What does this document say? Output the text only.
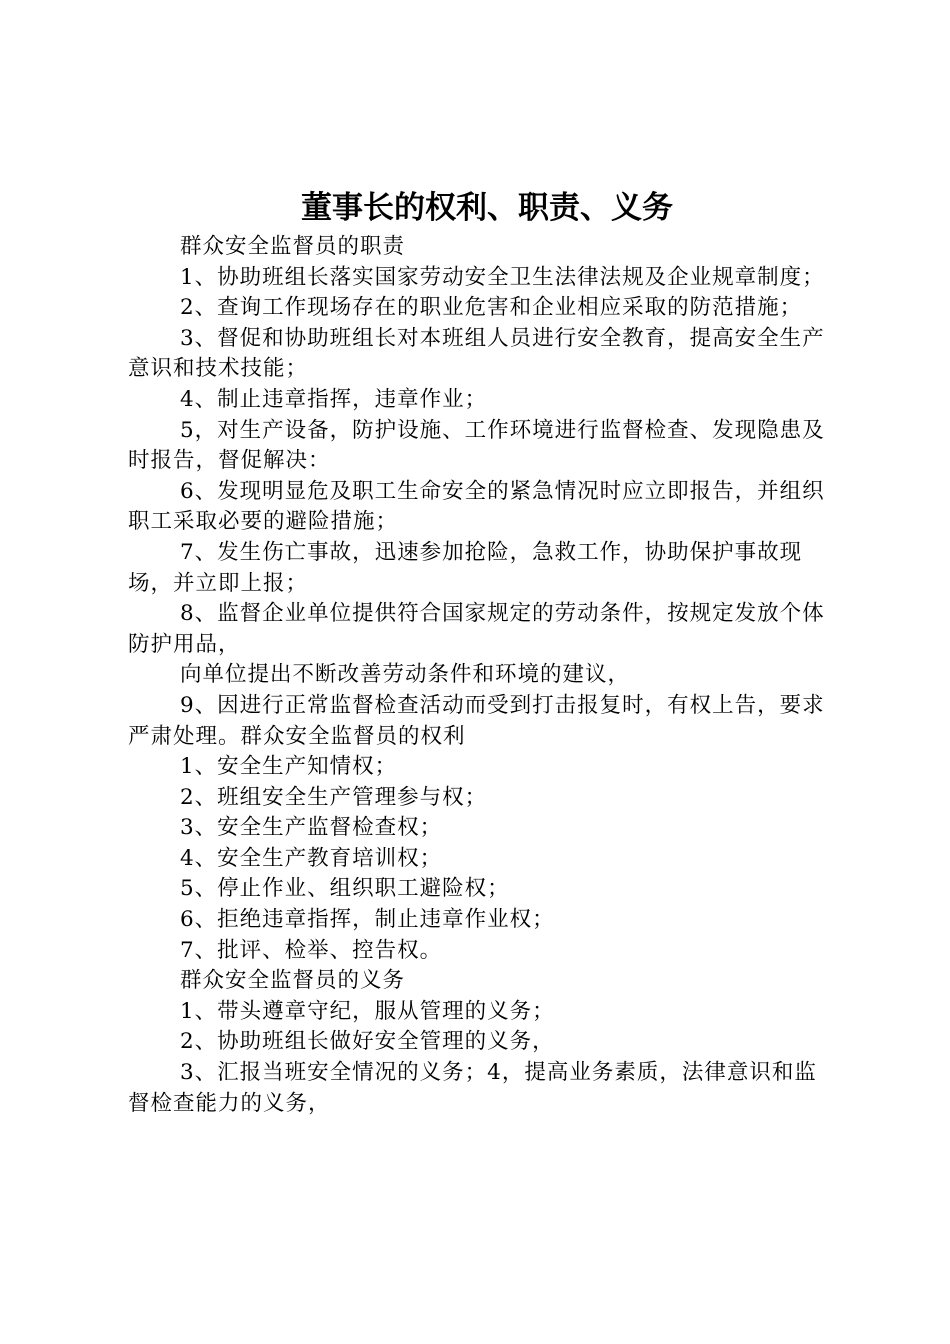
董事长的权利、职责、义务

群众安全监督员的职责

1、协助班组长落实国家劳动安全卫生法律法规及企业规章制度；

2、查询工作现场存在的职业危害和企业相应采取的防范措施；

3、督促和协助班组长对本班组人员进行安全教育，提高安全生产意识和技术技能；

4、制止违章指挥，违章作业；

5，对生产设备，防护设施、工作环境进行监督检查、发现隐患及时报告，督促解决：

6、发现明显危及职工生命安全的紧急情况时应立即报告，并组织职工采取必要的避险措施；

7、发生伤亡事故，迅速参加抢险，急救工作，协助保护事故现场，并立即上报；

8、监督企业单位提供符合国家规定的劳动条件，按规定发放个体防护用品，

向单位提出不断改善劳动条件和环境的建议，

9、因进行正常监督检查活动而受到打击报复时，有权上告，要求严肃处理。群众安全监督员的权利

1、安全生产知情权；

2、班组安全生产管理参与权；

3、安全生产监督检查权；

4、安全生产教育培训权；

5、停止作业、组织职工避险权；

6、拒绝违章指挥，制止违章作业权；

7、批评、检举、控告权。

群众安全监督员的义务

1、带头遵章守纪，服从管理的义务；

2、协助班组长做好安全管理的义务，

3、汇报当班安全情况的义务；4，提高业务素质，法律意识和监督检查能力的义务，
